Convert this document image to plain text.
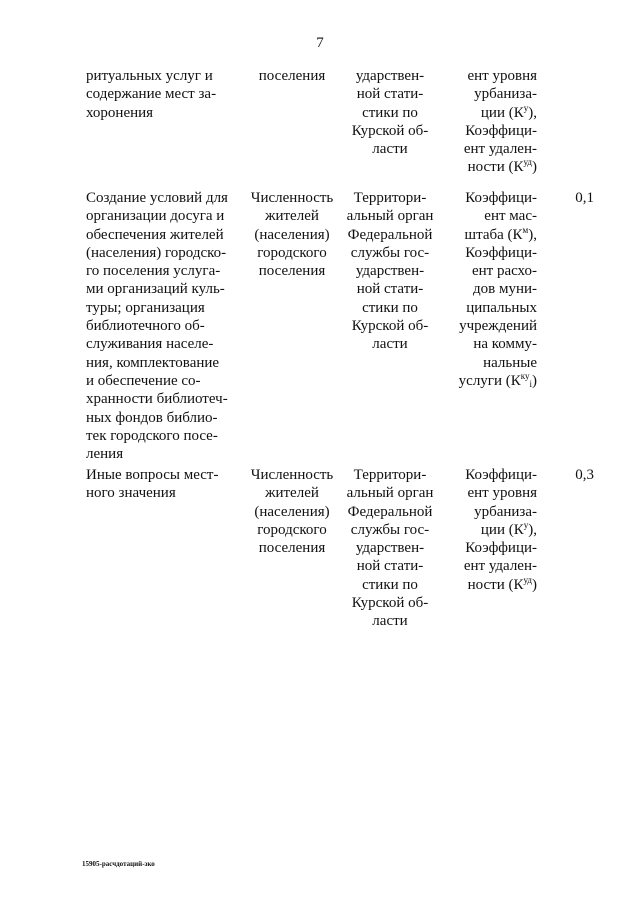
7
ритуальных услуг и
содержание мест за-
хоронения
поселения	ударствен-
ной стати-
стики по
Курской об-
ласти
ент уровня
урбаниза-
ции $(К^у)$,
Коэффици-
ент удален-
ности $(К^{уд})$
Создание условий для
организации досуга и
обеспечения жителей
(населения) городско-
го поселения услуга-
ми организаций куль-
туры; организация
библиотечного об-
служивания населе-
ния, комплектование
и обеспечение со-
хранности библиотеч-
ных фондов библио-
тек городского посе-
ления
Численность
жителей
(населения)
городского
поселения
Территори-
альный орган
Федеральной
службы гос-
ударствен-
ной стати-
стики по
Курской об-
ласти
Коэффици-
ент мас-
штаба $(К^м)$,
Коэффици-
ент расхо-
дов муни-
ципальных
учреждений
на комму-
нальные
услуги $(К^{ку}_i)$
0,1
Иные вопросы мест-
ного значения
Численность
жителей
(населения)
городского
поселения
Территори-
альный орган
Федеральной
службы гос-
ударствен-
ной стати-
стики по
Курской об-
ласти
Коэффици-
ент уровня
урбаниза-
ции $(К^у)$,
Коэффици-
ент удален-
ности $(К^{уд})$
0,3
15905-расчдотаций-зко
